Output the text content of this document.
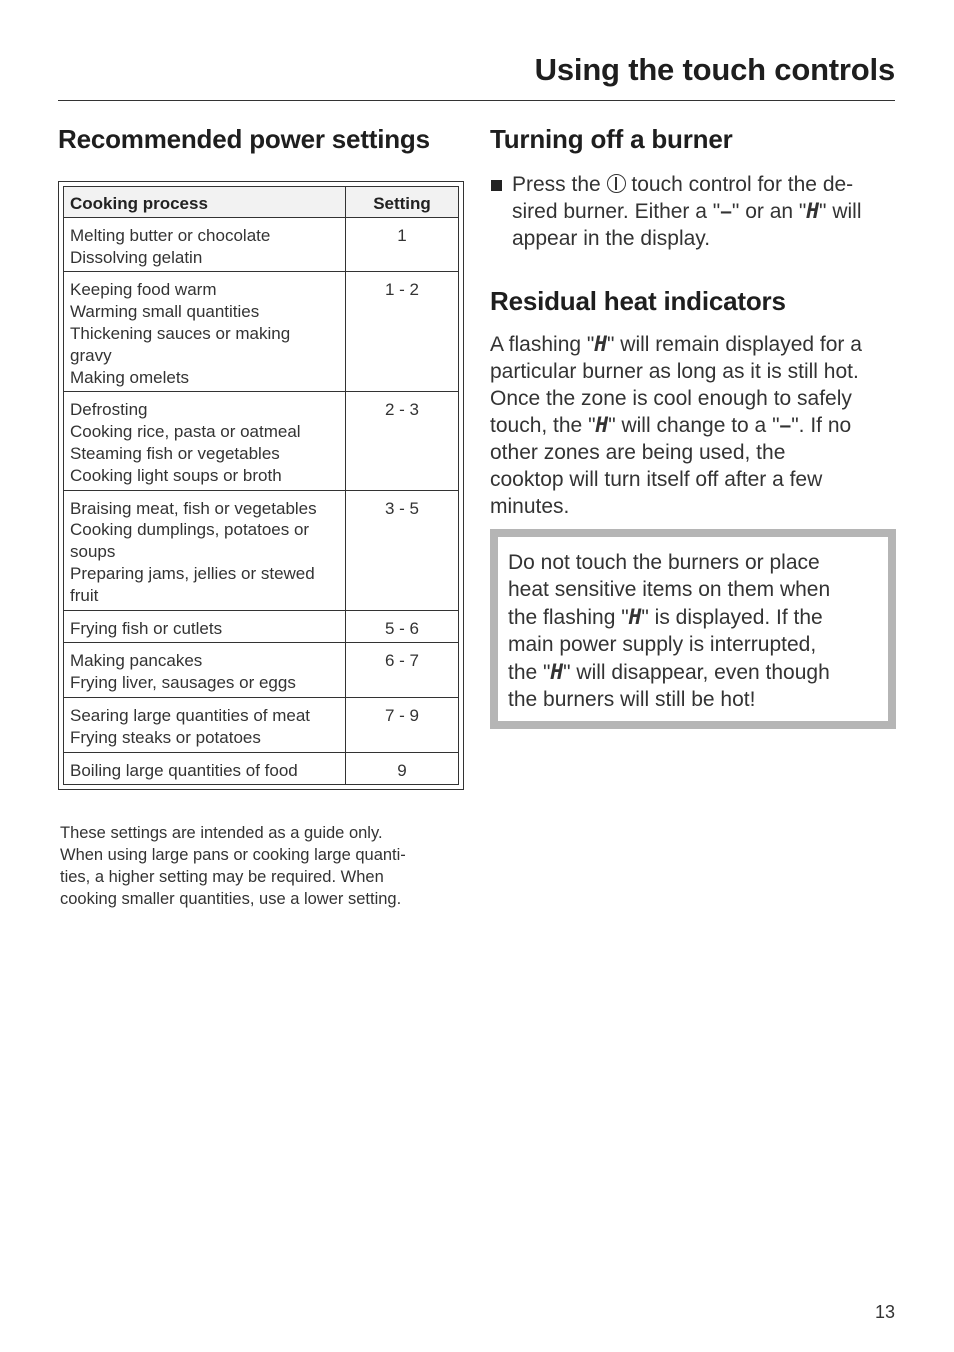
Using the touch controls
Recommended power settings
Cooking process	Setting

Melting butter or chocolate
Dissolving gelatin	1

Keeping food warm
Warming small quantities
Thickening sauces or making
gravy
Making omelets	1 - 2

Defrosting
Cooking rice, pasta or oatmeal
Steaming fish or vegetables
Cooking light soups or broth	2 - 3

Braising meat, fish or vegetables
Cooking dumplings, potatoes or
soups
Preparing jams, jellies or stewed
fruit	3 - 5

Frying fish or cutlets	5 - 6

Making pancakes
Frying liver, sausages or eggs	6 - 7

Searing large quantities of meat
Frying steaks or potatoes	7 - 9

Boiling large quantities of food	9
These settings are intended as a guide only.
When using large pans or cooking large quanti-
ties, a higher setting may be required. When
cooking smaller quantities, use a lower setting.
Turning off a burner
Press the  touch control for the de-
sired burner. Either a "–" or an "H" will
appear in the display.
Residual heat indicators
A flashing "H" will remain displayed for a
particular burner as long as it is still hot.
Once the zone is cool enough to safely
touch, the "H" will change to a "–". If no
other zones are being used, the
cooktop will turn itself off after a few
minutes.
Do not touch the burners or place
heat sensitive items on them when
the flashing "H" is displayed. If the
main power supply is interrupted,
the "H" will disappear, even though
the burners will still be hot!
13
